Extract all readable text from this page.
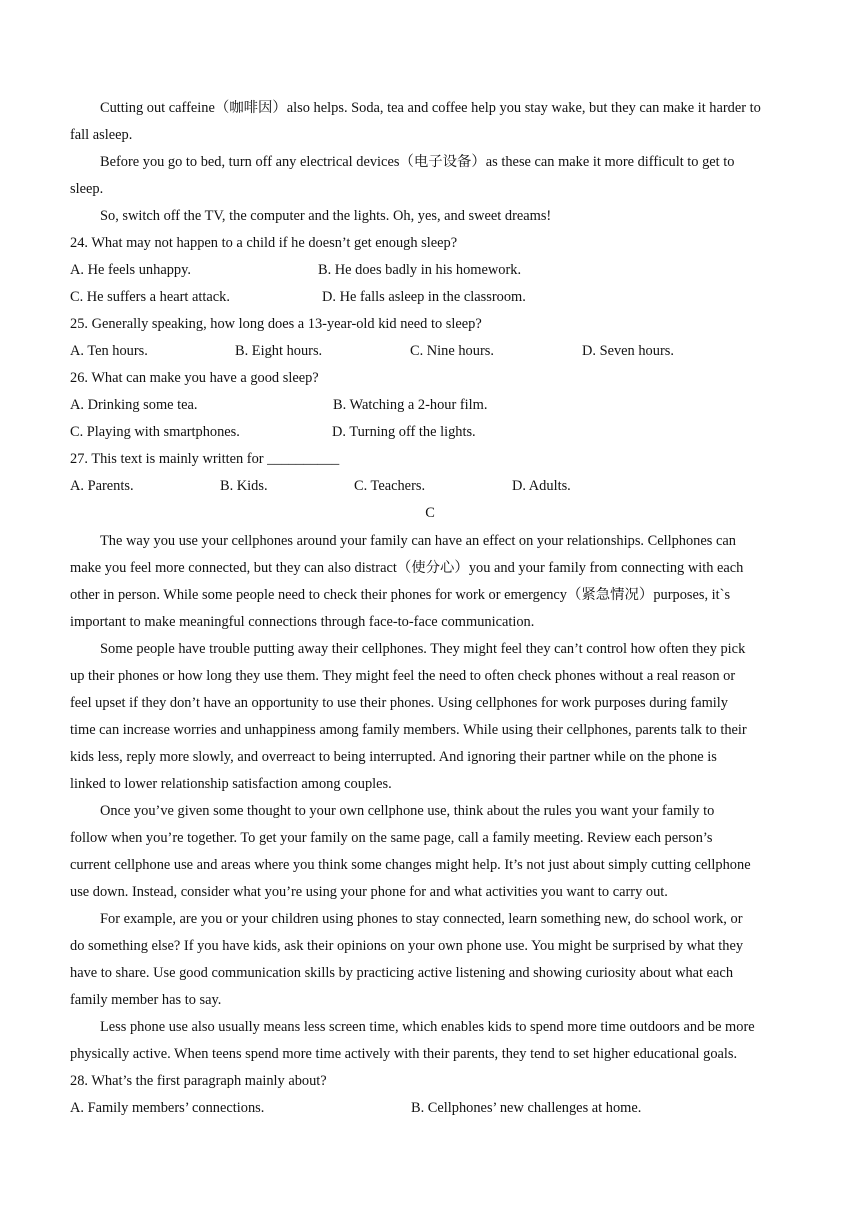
Cutting out caffeine（咖啡因）also helps. Soda, tea and coffee help you stay wake, but they can make it harder to
fall asleep.
Before you go to bed, turn off any electrical devices（电子设备）as these can make it more difficult to get to
sleep.
So, switch off the TV, the computer and the lights. Oh, yes, and sweet dreams!
24. What may not happen to a child if he doesn’t get enough sleep?
A. He feels unhappy.	B. He does badly in his homework.
C. He suffers a heart attack.	D. He falls asleep in the classroom.
25. Generally speaking, how long does a 13-year-old kid need to sleep?
A. Ten hours.	B. Eight hours.	C. Nine hours.	D. Seven hours.
26. What can make you have a good sleep?
A. Drinking some tea.	B. Watching a 2-hour film.
C. Playing with smartphones.	D. Turning off the lights.
27. This text is mainly written for __________
A. Parents.	B. Kids.	C. Teachers.	D. Adults.
C
The way you use your cellphones around your family can have an effect on your relationships. Cellphones can
make you feel more connected, but they can also distract（使分心）you and your family from connecting with each
other in person. While some people need to check their phones for work or emergency（紧急情况）purposes, it`s
important to make meaningful connections through face-to-face communication.
Some people have trouble putting away their cellphones. They might feel they can’t control how often they pick
up their phones or how long they use them. They might feel the need to often check phones without a real reason or
feel upset if they don’t have an opportunity to use their phones. Using cellphones for work purposes during family
time can increase worries and unhappiness among family members. While using their cellphones, parents talk to their
kids less, reply more slowly, and overreact to being interrupted. And ignoring their partner while on the phone is
linked to lower relationship satisfaction among couples.
Once you’ve given some thought to your own cellphone use, think about the rules you want your family to
follow when you’re together. To get your family on the same page, call a family meeting. Review each person’s
current cellphone use and areas where you think some changes might help. It’s not just about simply cutting cellphone
use down. Instead, consider what you’re using your phone for and what activities you want to carry out.
For example, are you or your children using phones to stay connected, learn something new, do school work, or
do something else? If you have kids, ask their opinions on your own phone use. You might be surprised by what they
have to share. Use good communication skills by practicing active listening and showing curiosity about what each
family member has to say.
Less phone use also usually means less screen time, which enables kids to spend more time outdoors and be more
physically active. When teens spend more time actively with their parents, they tend to set higher educational goals.
28. What’s the first paragraph mainly about?
A. Family members’ connections.	B. Cellphones’ new challenges at home.
